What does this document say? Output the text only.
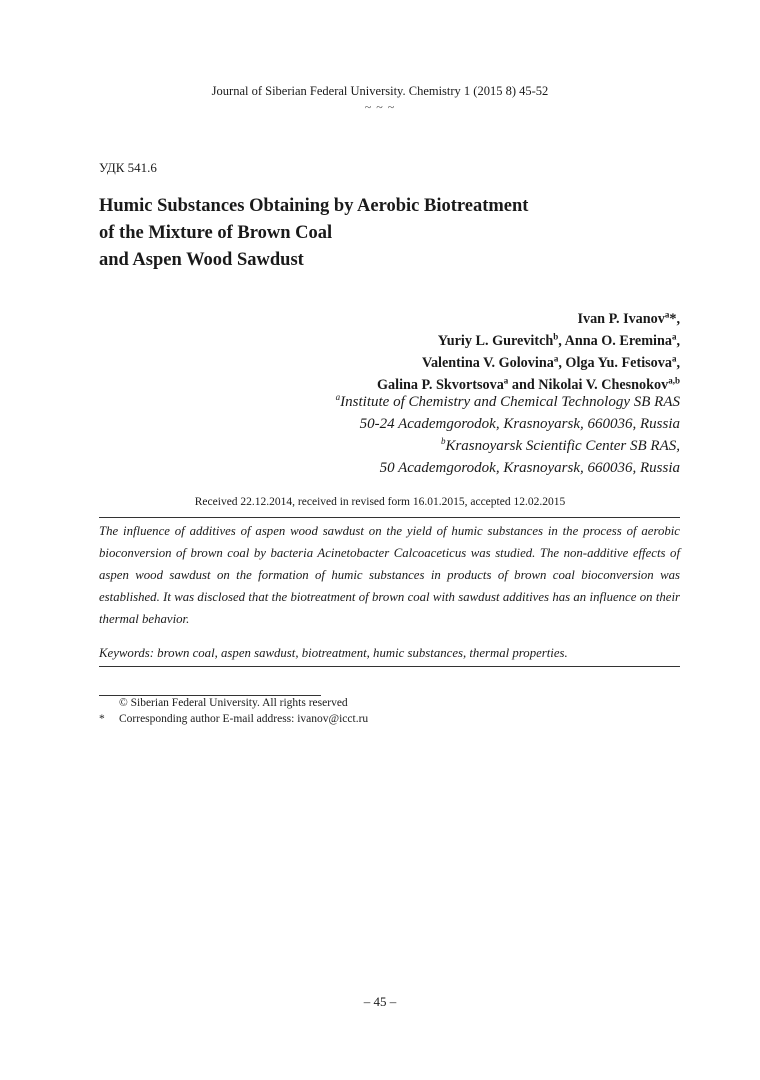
Journal of Siberian Federal University. Chemistry 1 (2015 8) 45-52
~ ~ ~
УДК 541.6
Humic Substances Obtaining by Aerobic Biotreatment
of the Mixture of Brown Coal
and Aspen Wood Sawdust
Ivan P. Ivanov$^a$*,
Yuriy L. Gurevitch$^b$, Anna O. Eremina$^a$,
Valentina V. Golovina$^a$, Olga Yu. Fetisova$^a$,
Galina P. Skvortsova$^a$ and Nikolai V. Chesnokov$^{a,b}$
$^a$Institute of Chemistry and Chemical Technology SB RAS
50-24 Academgorodok, Krasnoyarsk, 660036, Russia
$^b$Krasnoyarsk Scientific Center SB RAS,
50 Academgorodok, Krasnoyarsk, 660036, Russia
Received 22.12.2014, received in revised form 16.01.2015, accepted 12.02.2015
The influence of additives of aspen wood sawdust on the yield of humic substances in the process of aerobic bioconversion of brown coal by bacteria Acinetobacter Calcoaceticus was studied. The non-additive effects of aspen wood sawdust on the formation of humic substances in products of brown coal bioconversion was established. It was disclosed that the biotreatment of brown coal with sawdust additives has an influence on their thermal behavior.
Keywords: brown coal, aspen sawdust, biotreatment, humic substances, thermal properties.
© Siberian Federal University. All rights reserved
* Corresponding author E-mail address: ivanov@icct.ru
– 45 –
